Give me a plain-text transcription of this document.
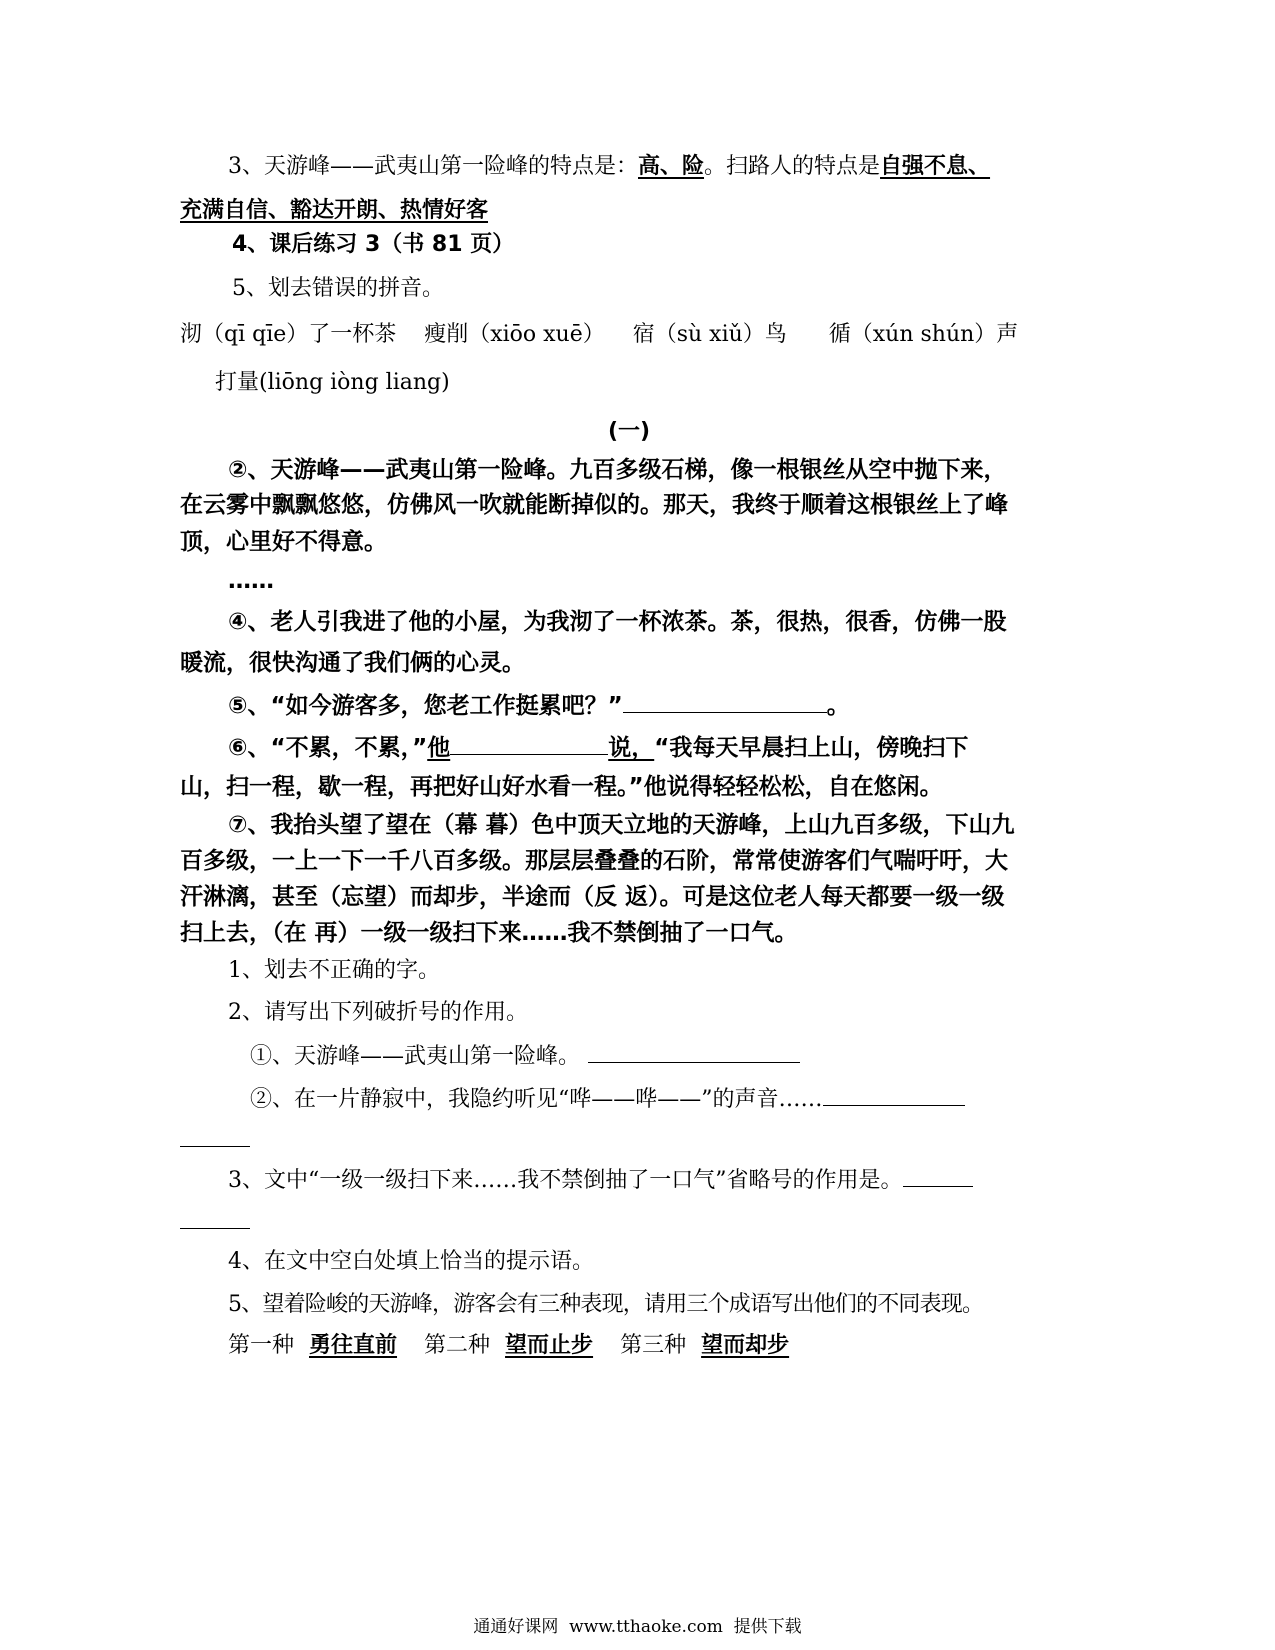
3、天游峰——武夷山第一险峰的特点是：高、险。扫路人的特点是自强不息、
充满自信、豁达开朗、热情好客
4、课后练习 3（书 81 页）
5、划去错误的拼音。
沏（qī qīe）了一杯茶    瘦削（xiōo xuē）    宿（sù xiǔ）鸟      循（xún shún）声
打量(liōng iòng liang)
(一)
②、天游峰——武夷山第一险峰。九百多级石梯，像一根银丝从空中抛下来，
在云雾中飘飘悠悠，仿佛风一吹就能断掉似的。那天，我终于顺着这根银丝上了峰
顶，心里好不得意。
……
④、老人引我进了他的小屋，为我沏了一杯浓茶。茶，很热，很香，仿佛一股
暖流，很快沟通了我们俩的心灵。
⑤、“如今游客多，您老工作挺累吧？”	。
⑥、“不累，不累，”他	说，“我每天早晨扫上山，傍晚扫下
山，扫一程，歇一程，再把好山好水看一程。”他说得轻轻松松，自在悠闲。
⑦、我抬头望了望在（幕 暮）色中顶天立地的天游峰，上山九百多级，下山九
百多级，一上一下一千八百多级。那层层叠叠的石阶，常常使游客们气喘吁吁，大
汗淋漓，甚至（忘望）而却步，半途而（反 返）。可是这位老人每天都要一级一级
扫上去，（在 再）一级一级扫下来……我不禁倒抽了一口气。
1、划去不正确的字。
2、请写出下列破折号的作用。
①、天游峰——武夷山第一险峰。
②、在一片静寂中，我隐约听见“哗——哗——”的声音……
3、文中“一级一级扫下来……我不禁倒抽了一口气”省略号的作用是。
4、在文中空白处填上恰当的提示语。
5、望着险峻的天游峰，游客会有三种表现，请用三个成语写出他们的不同表现。
第一种 勇往直前 第二种 望而止步 第三种 望而却步
通通好课网  www.tthaoke.com  提供下载
